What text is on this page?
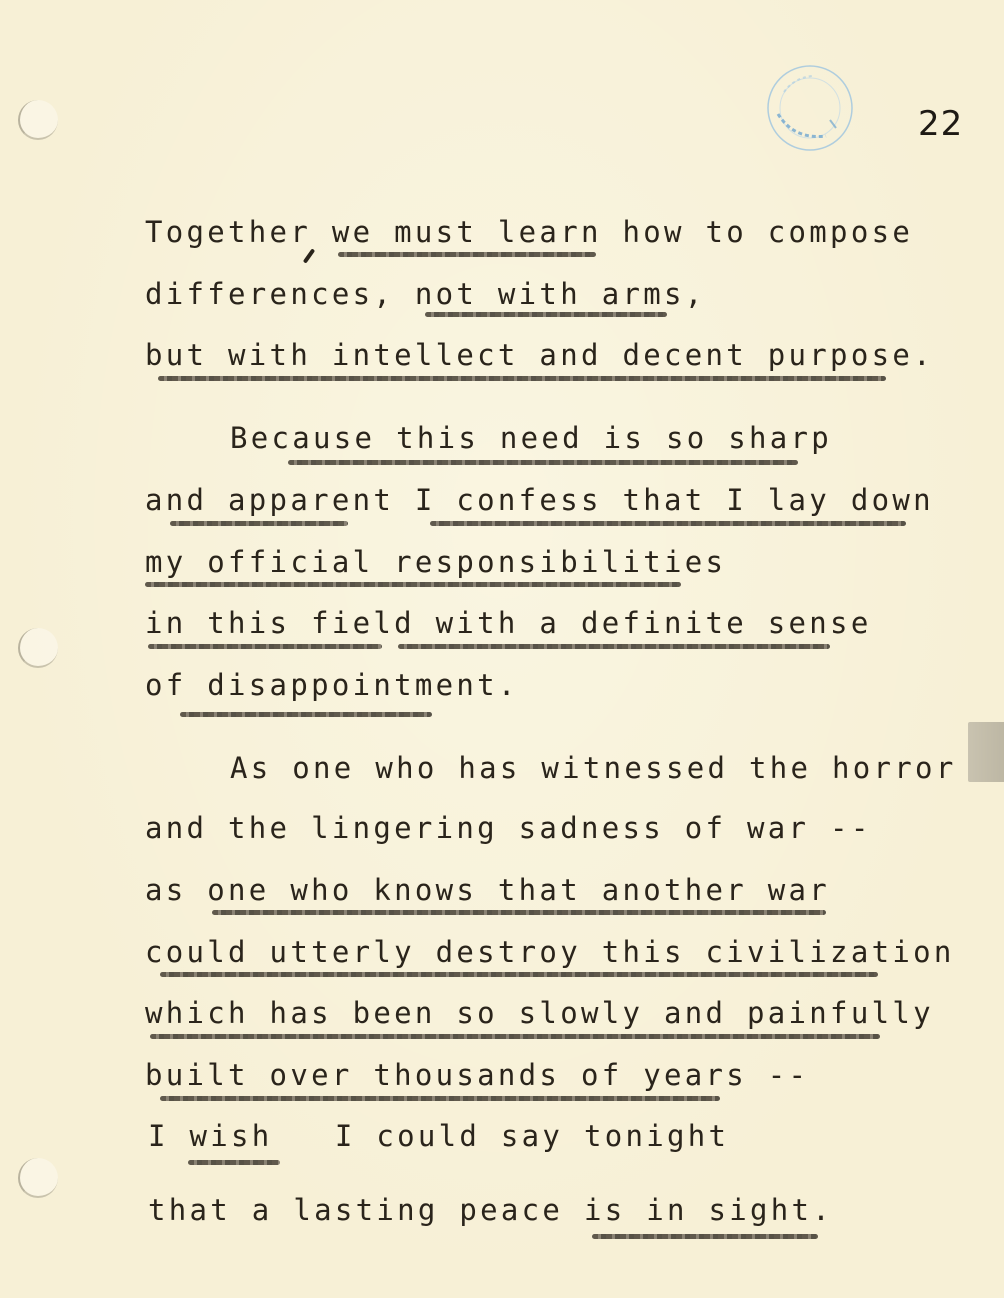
22
Together we must learn how to compose
differences, not with arms,
but with intellect and decent purpose.
Because this need is so sharp
and apparent I confess that I lay down
my official responsibilities
in this field with a definite sense
of disappointment.
As one who has witnessed the horror
and the lingering sadness of war --
as one who knows that another war
could utterly destroy this civilization
which has been so slowly and painfully
built over thousands of years --
I wish   I could say tonight
that a lasting peace is in sight.
